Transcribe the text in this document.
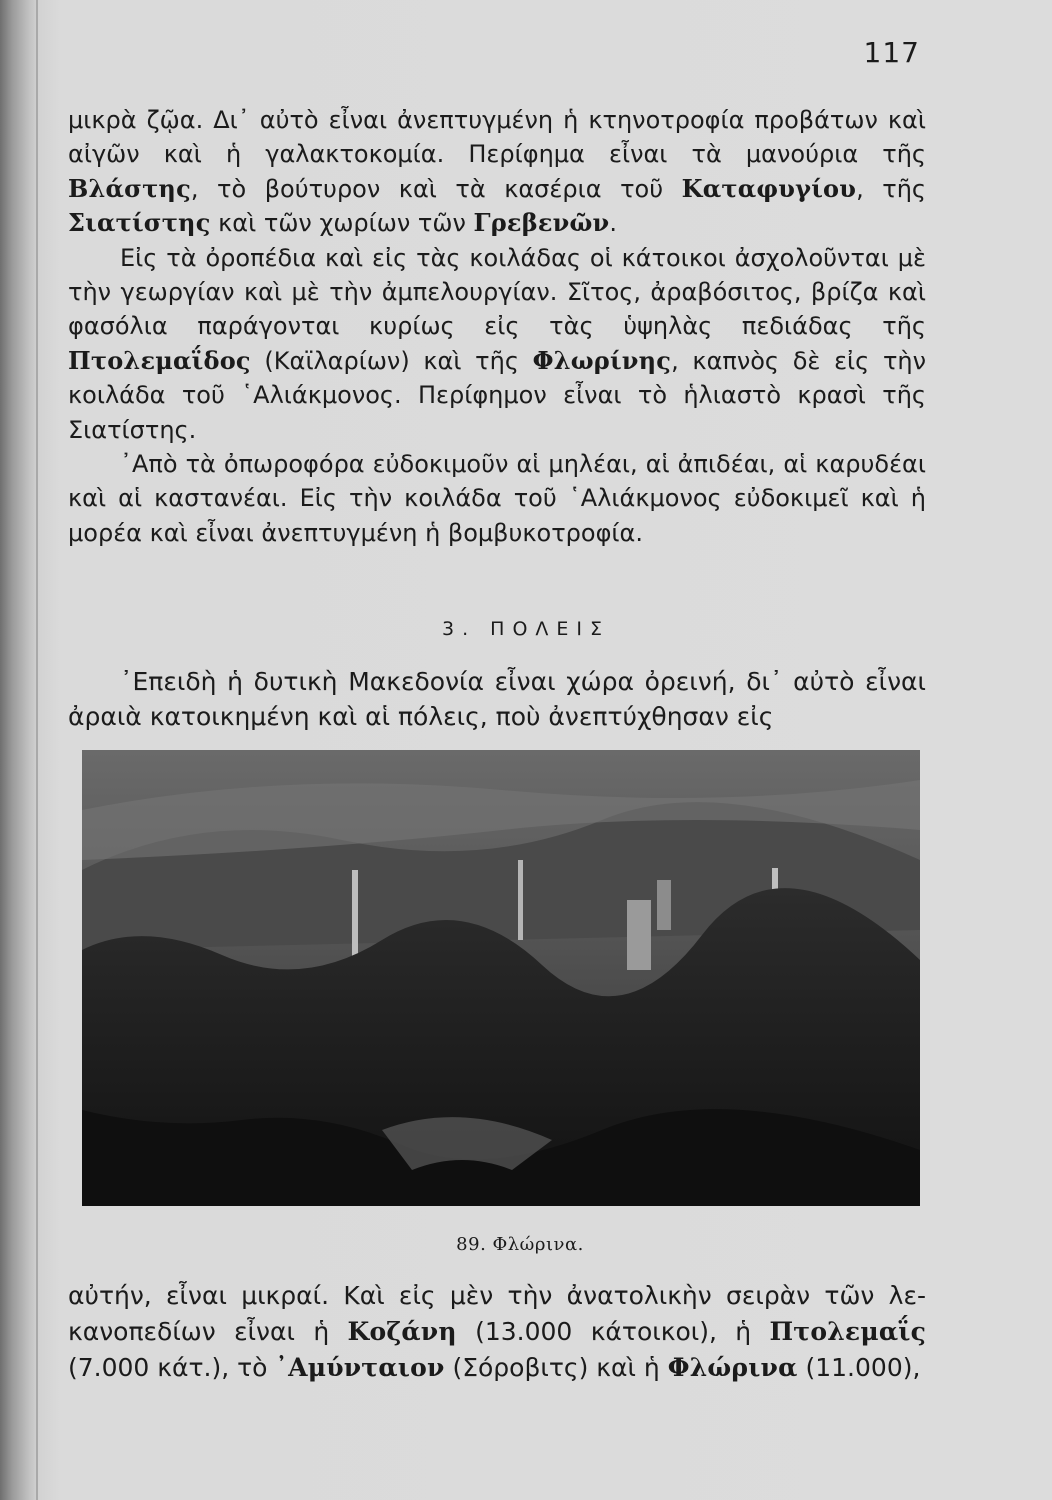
117

μικρὰ ζῷα. Δι᾿ αὐτὸ εἶναι ἀνεπτυγμένη ἡ κτηνοτροφία προβάτων καὶ αἰγῶν καὶ ἡ γαλακτοκομία. Περίφημα εἶναι τὰ μανούρια τῆς Βλάστης, τὸ βούτυρον καὶ τὰ κασέρια τοῦ Καταφυγίου, τῆς Σιατίστης καὶ τῶν χωρίων τῶν Γρεβενῶν.

Εἰς τὰ ὀροπέδια καὶ εἰς τὰς κοιλάδας οἱ κάτοικοι ἀσχολοῦνται μὲ τὴν γεωργίαν καὶ μὲ τὴν ἀμπελουργίαν. Σῖτος, ἀραβόσιτος, βρίζα καὶ φασόλια παράγονται κυρίως εἰς τὰς ὑψηλὰς πεδιάδας τῆς Πτολεμαΐδος (Καϊλαρίων) καὶ τῆς Φλωρίνης, καπνὸς δὲ εἰς τὴν κοιλάδα τοῦ ῾Αλιάκμονος. Περίφημον εἶναι τὸ ἡλιαστὸ κρασὶ τῆς Σιατίστης.

᾿Απὸ τὰ ὀπωροφόρα εὐδοκιμοῦν αἱ μηλέαι, αἱ ἀπιδέαι, αἱ καρυδέαι καὶ αἱ καστανέαι. Εἰς τὴν κοιλάδα τοῦ ῾Αλιάκμονος εὐδοκιμεῖ καὶ ἡ μορέα καὶ εἶναι ἀνεπτυγμένη ἡ βομβυκοτροφία.

3. ΠΟΛΕΙΣ

᾿Επειδὴ ἡ δυτικὴ Μακεδονία εἶναι χώρα ὀρεινή, δι᾿ αὐτὸ εἶναι ἀραιὰ κατοικημένη καὶ αἱ πόλεις, ποὺ ἀνεπτύχθησαν εἰς

89. Φλώρινα.

αὐτήν, εἶναι μικραί. Καὶ εἰς μὲν τὴν ἀνατολικὴν σειρὰν τῶν λεκανοπεδίων εἶναι ἡ Κοζάνη (13.000 κάτοικοι), ἡ Πτολεμαΐς (7.000 κάτ.), τὸ ᾿Αμύνταιον (Σόροβιτς) καὶ ἡ Φλώρινα (11.000),
